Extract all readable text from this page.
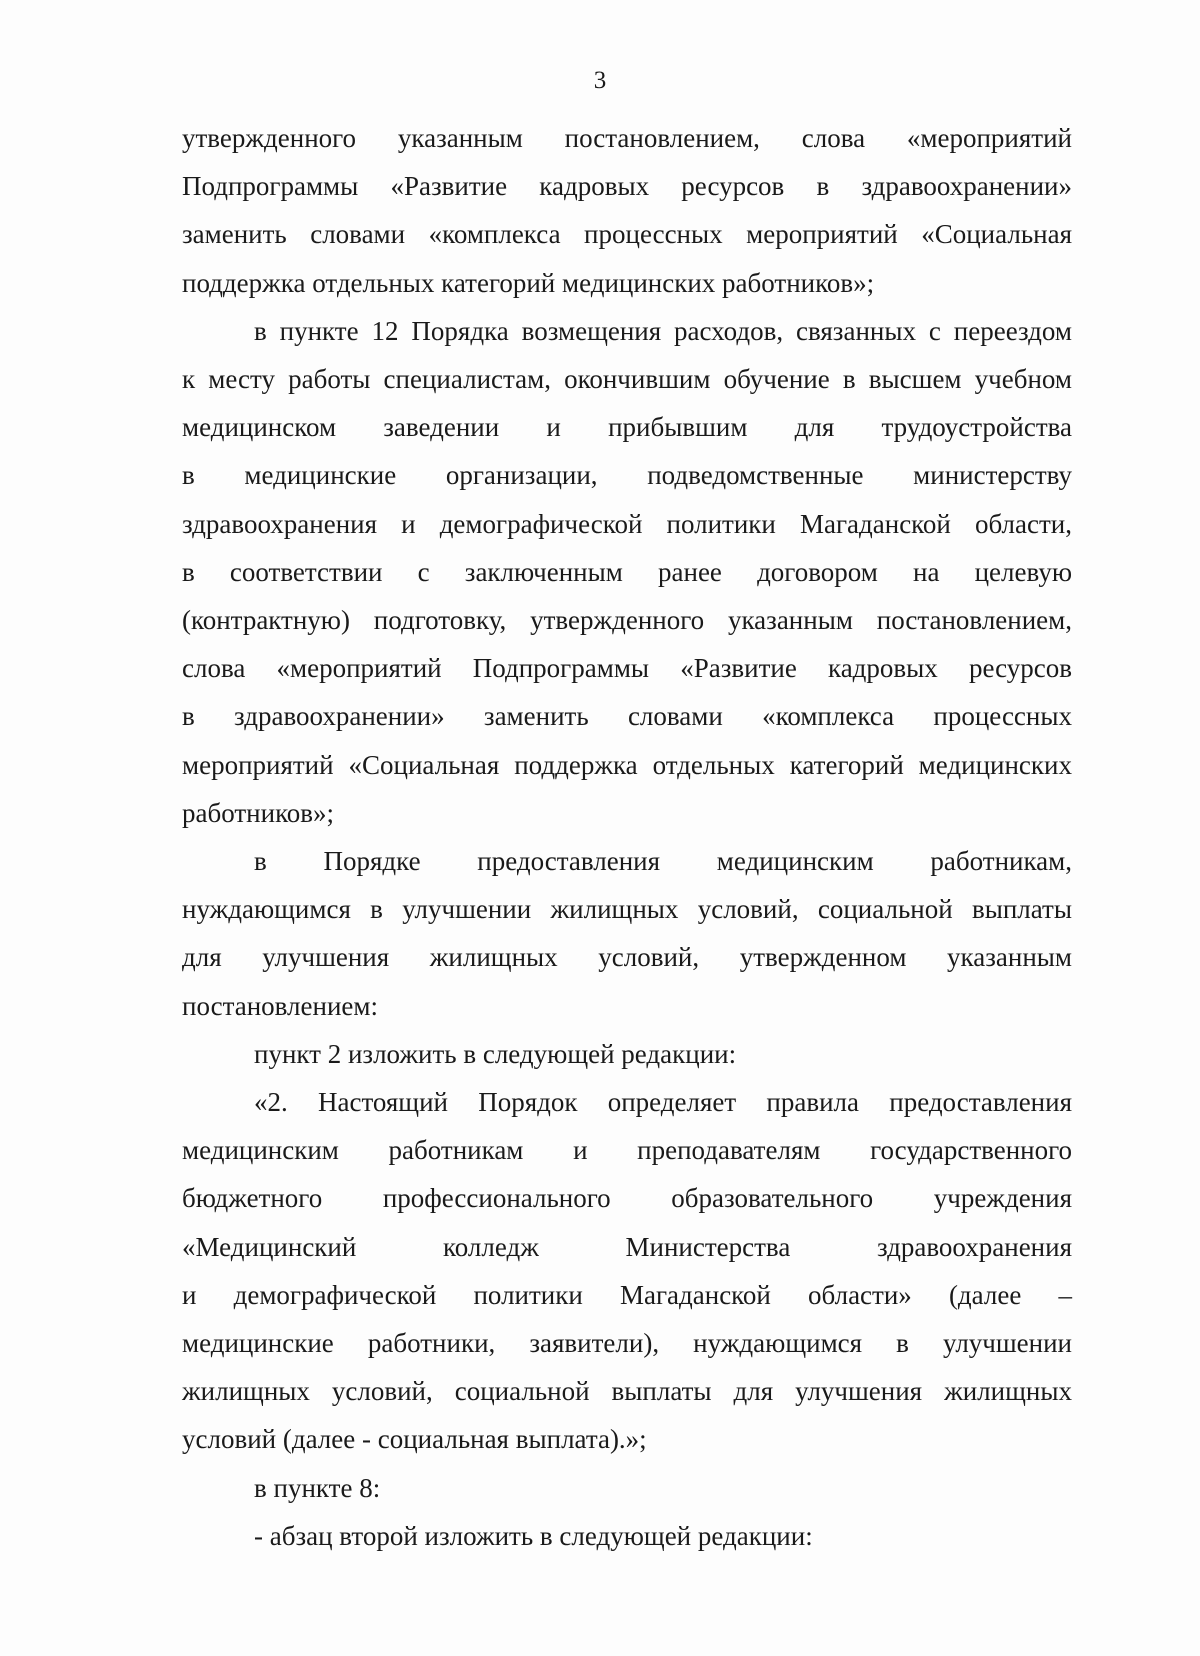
3

утвержденного указанным постановлением, слова «мероприятий
Подпрограммы «Развитие кадровых ресурсов в здравоохранении»
заменить словами «комплекса процессных мероприятий «Социальная
поддержка отдельных категорий медицинских работников»;

в пункте 12 Порядка возмещения расходов, связанных с переездом
к месту работы специалистам, окончившим обучение в высшем учебном
медицинском заведении и прибывшим для трудоустройства
в медицинские организации, подведомственные министерству
здравоохранения и демографической политики Магаданской области,
в соответствии с заключенным ранее договором на целевую
(контрактную) подготовку, утвержденного указанным постановлением,
слова «мероприятий Подпрограммы «Развитие кадровых ресурсов
в здравоохранении» заменить словами «комплекса процессных
мероприятий «Социальная поддержка отдельных категорий медицинских
работников»;

в Порядке предоставления медицинским работникам,
нуждающимся в улучшении жилищных условий, социальной выплаты
для улучшения жилищных условий, утвержденном указанным
постановлением:

пункт 2 изложить в следующей редакции:

«2. Настоящий Порядок определяет правила предоставления
медицинским работникам и преподавателям государственного
бюджетного профессионального образовательного учреждения
«Медицинский колледж Министерства здравоохранения
и демографической политики Магаданской области» (далее –
медицинские работники, заявители), нуждающимся в улучшении
жилищных условий, социальной выплаты для улучшения жилищных
условий (далее - социальная выплата).»;

в пункте 8:

- абзац второй изложить в следующей редакции:
